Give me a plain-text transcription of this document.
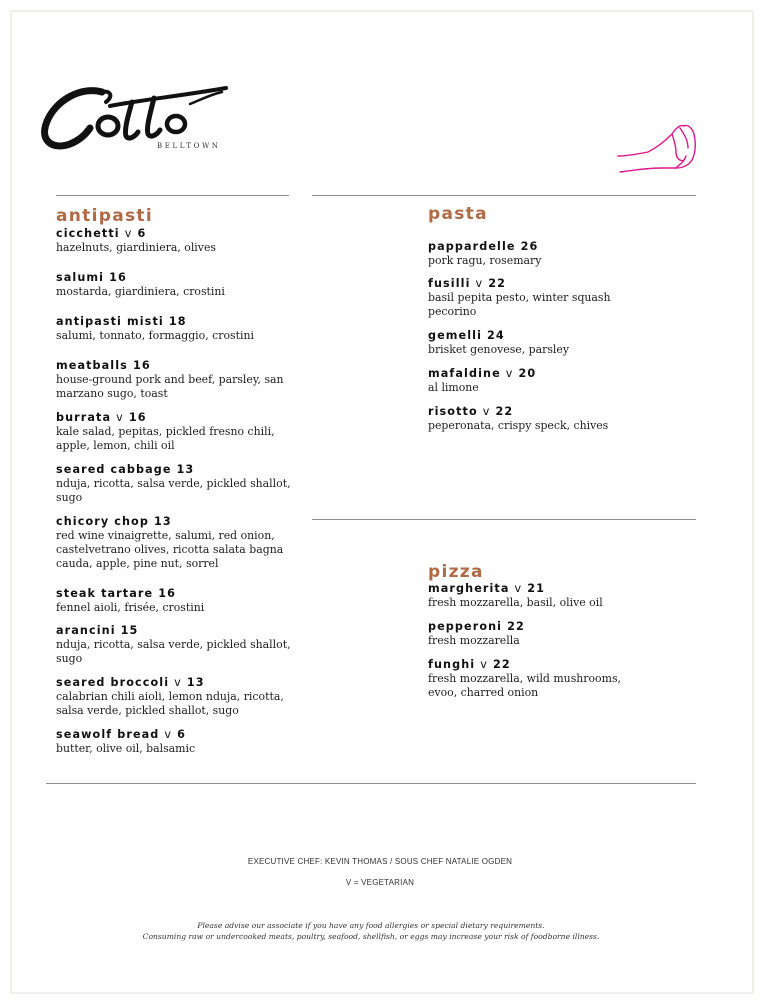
BELLTOWN
antipasti
cicchetti v 6
hazelnuts, giardiniera, olives
salumi 16
mostarda, giardiniera, crostini
antipasti misti 18
salumi, tonnato, formaggio, crostini
meatballs 16
house-ground pork and beef, parsley, san marzano sugo, toast
burrata v 16
kale salad, pepitas, pickled fresno chili, apple, lemon, chili oil
seared cabbage 13
nduja, ricotta, salsa verde, pickled shallot, sugo
chicory chop 13
red wine vinaigrette, salumi, red onion, castelvetrano olives, ricotta salata bagna cauda, apple, pine nut, sorrel
steak tartare 16
fennel aioli, frisée, crostini
arancini 15
nduja, ricotta, salsa verde, pickled shallot, sugo
seared broccoli v 13
calabrian chili aioli, lemon nduja, ricotta, salsa verde, pickled shallot, sugo
seawolf bread v 6
butter, olive oil, balsamic
pasta
pappardelle 26
pork ragu, rosemary
fusilli v 22
basil pepita pesto, winter squash pecorino
gemelli 24
brisket genovese, parsley
mafaldine v 20
al limone
risotto v 22
peperonata, crispy speck, chives
pizza
margherita v 21
fresh mozzarella, basil, olive oil
pepperoni 22
fresh mozzarella
funghi v 22
fresh mozzarella, wild mushrooms, evoo, charred onion
EXECUTIVE CHEF: KEVIN THOMAS / SOUS CHEF NATALIE OGDEN
V = VEGETARIAN
Please advise our associate if you have any food allergies or special dietary requirements.
Consuming raw or undercooked meats, poultry, seafood, shellfish, or eggs may increase your risk of foodborne illness.
